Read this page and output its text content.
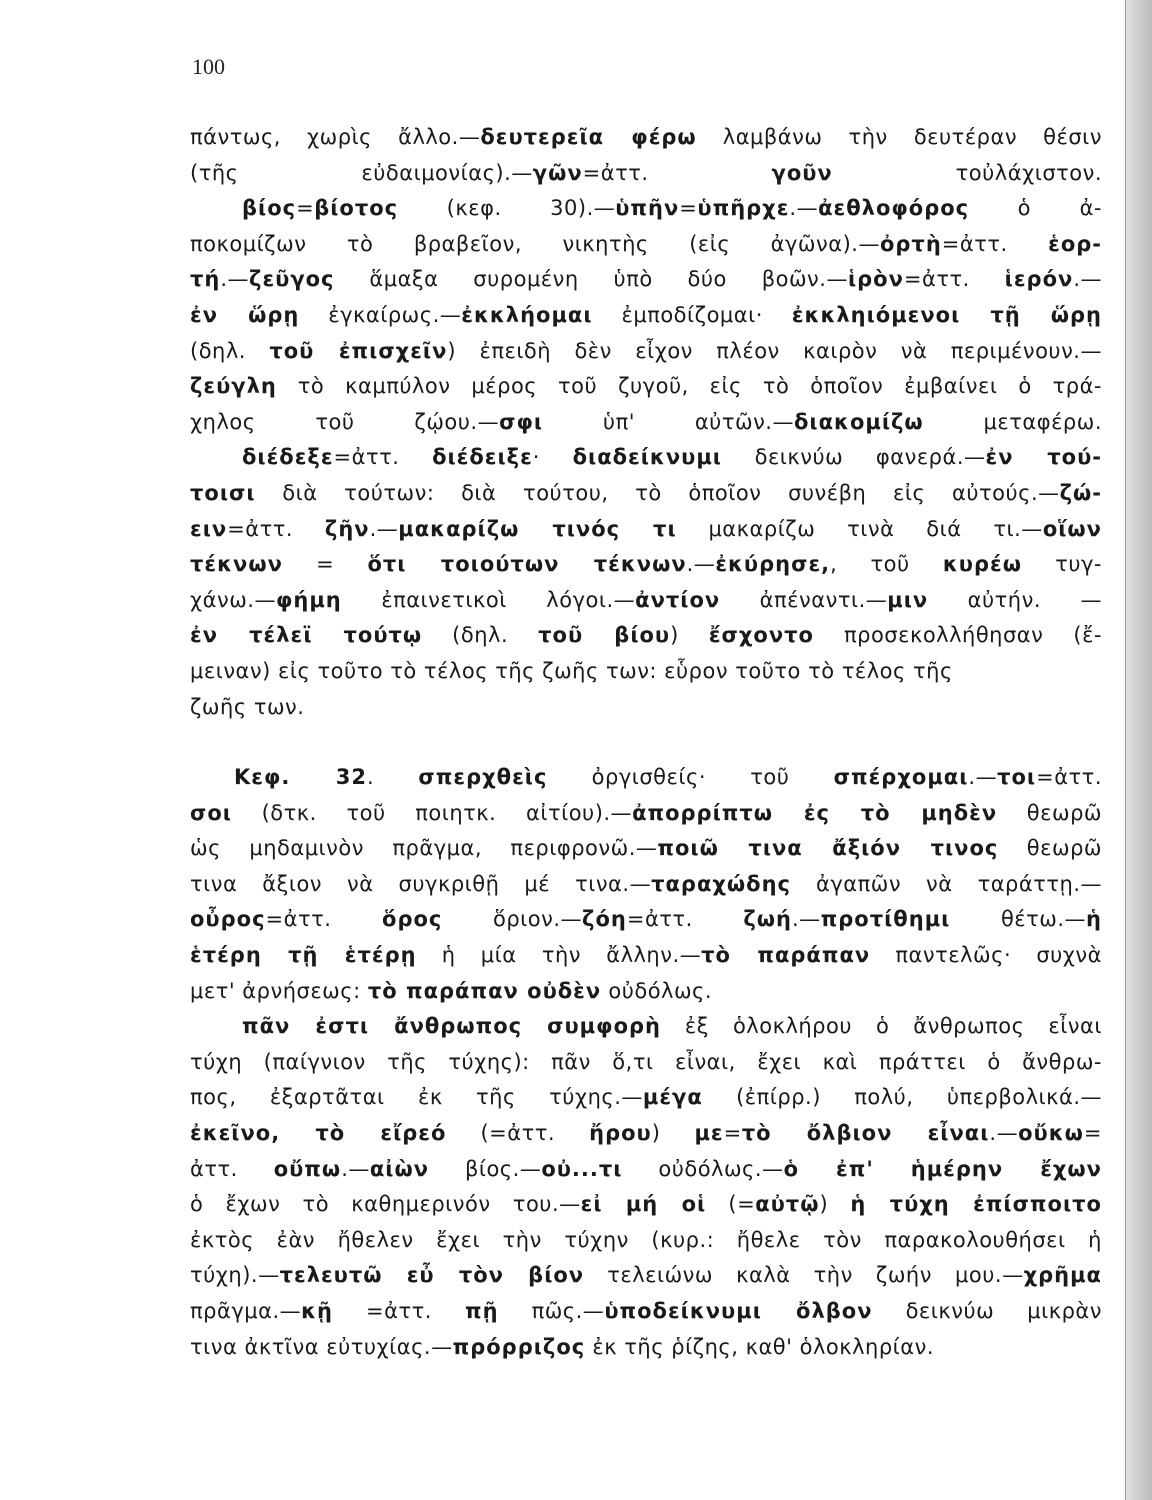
100
πάντως, χωρὶς ἄλλο.—δευτερεῖα φέρω λαμβάνω τὴν δευτέραν θέσιν
(τῆς εὐδαιμονίας).—γῶν=ἀττ. γοῦν τοὐλάχιστον.
βίος=βίοτος (κεφ. 30).—ὑπῆν=ὑπῆρχε.—ἀεθλοφόρος ὁ ἀ-
ποκομίζων τὸ βραβεῖον, νικητὴς (εἰς ἀγῶνα).—ὀρτὴ=ἀττ. ἑορ-
τή.—ζεῦγος ἅμαξα συρομένη ὑπὸ δύο βοῶν.—ἱρὸν=ἀττ. ἱερόν.—
ἐν ὥρῃ ἐγκαίρως.—ἐκκλήομαι ἐμποδίζομαι· ἐκκληιόμενοι τῇ ὥρῃ
(δηλ. τοῦ ἐπισχεῖν) ἐπειδὴ δὲν εἶχον πλέον καιρὸν νὰ περιμένουν.—
ζεύγλη τὸ καμπύλον μέρος τοῦ ζυγοῦ, εἰς τὸ ὁποῖον ἐμβαίνει ὁ τρά-
χηλος τοῦ ζῴου.—σφι ὑπ' αὐτῶν.—διακομίζω μεταφέρω.
διέδεξε=ἀττ. διέδειξε· διαδείκνυμι δεικνύω φανερά.—ἐν τού-
τοισι διὰ τούτων: διὰ τούτου, τὸ ὁποῖον συνέβη εἰς αὐτούς.—ζώ-
ειν=ἀττ. ζῆν.—μακαρίζω τινός τι μακαρίζω τινὰ διά τι.—οἵων
τέκνων = ὅτι τοιούτων τέκνων.—ἐκύρησε,, τοῦ κυρέω τυγ-
χάνω.—φήμη ἐπαινετικοὶ λόγοι.—ἀντίον ἀπέναντι.—μιν αὐτήν. —
ἐν τέλεϊ τούτῳ (δηλ. τοῦ βίου) ἔσχοντο προσεκολλήθησαν (ἔ-
μειναν) εἰς τοῦτο τὸ τέλος τῆς ζωῆς των: εὗρον τοῦτο τὸ τέλος τῆς
ζωῆς των.
Κεφ. 32. σπερχθεὶς ὀργισθείς· τοῦ σπέρχομαι.—τοι=ἀττ.
σοι (δτκ. τοῦ ποιητκ. αἰτίου).—ἀπορρίπτω ἐς τὸ μηδὲν θεωρῶ
ὡς μηδαμινὸν πρᾶγμα, περιφρονῶ.—ποιῶ τινα ἄξιόν τινος θεωρῶ
τινα ἄξιον νὰ συγκριθῇ μέ τινα.—ταραχώδης ἀγαπῶν νὰ ταράττῃ.—
οὖρος=ἀττ. ὅρος ὅριον.—ζόη=ἀττ. ζωή.—προτίθημι θέτω.—ἡ
ἑτέρη τῇ ἑτέρῃ ἡ μία τὴν ἄλλην.—τὸ παράπαν παντελῶς· συχνὰ
μετ' ἀρνήσεως: τὸ παράπαν οὐδὲν οὐδόλως.
πᾶν ἐστι ἄνθρωπος συμφορὴ ἐξ ὁλοκλήρου ὁ ἄνθρωπος εἶναι
τύχη (παίγνιον τῆς τύχης): πᾶν ὅ,τι εἶναι, ἔχει καὶ πράττει ὁ ἄνθρω-
πος, ἐξαρτᾶται ἐκ τῆς τύχης.—μέγα (ἐπίρρ.) πολύ, ὑπερβολικά.—
ἐκεῖνο, τὸ εἴρεό (=ἀττ. ἤρου) με=τὸ ὄλβιον εἶναι.—οὔκω=
ἀττ. οὔπω.—αἰὼν βίος.—οὐ...τι οὐδόλως.—ὁ ἐπ' ἡμέρην ἔχων
ὁ ἔχων τὸ καθημερινόν του.—εἰ μή οἱ (=αὐτῷ) ἡ τύχη ἐπίσποιτο
ἐκτὸς ἐὰν ἤθελεν ἔχει τὴν τύχην (κυρ.: ἤθελε τὸν παρακολουθήσει ἡ
τύχη).—τελευτῶ εὖ τὸν βίον τελειώνω καλὰ τὴν ζωήν μου.—χρῆμα
πρᾶγμα.—κῇ =ἀττ. πῇ πῶς.—ὑποδείκνυμι ὄλβον δεικνύω μικρὰν
τινα ἀκτῖνα εὐτυχίας.—πρόρριζος ἐκ τῆς ῥίζης, καθ' ὁλοκληρίαν.
